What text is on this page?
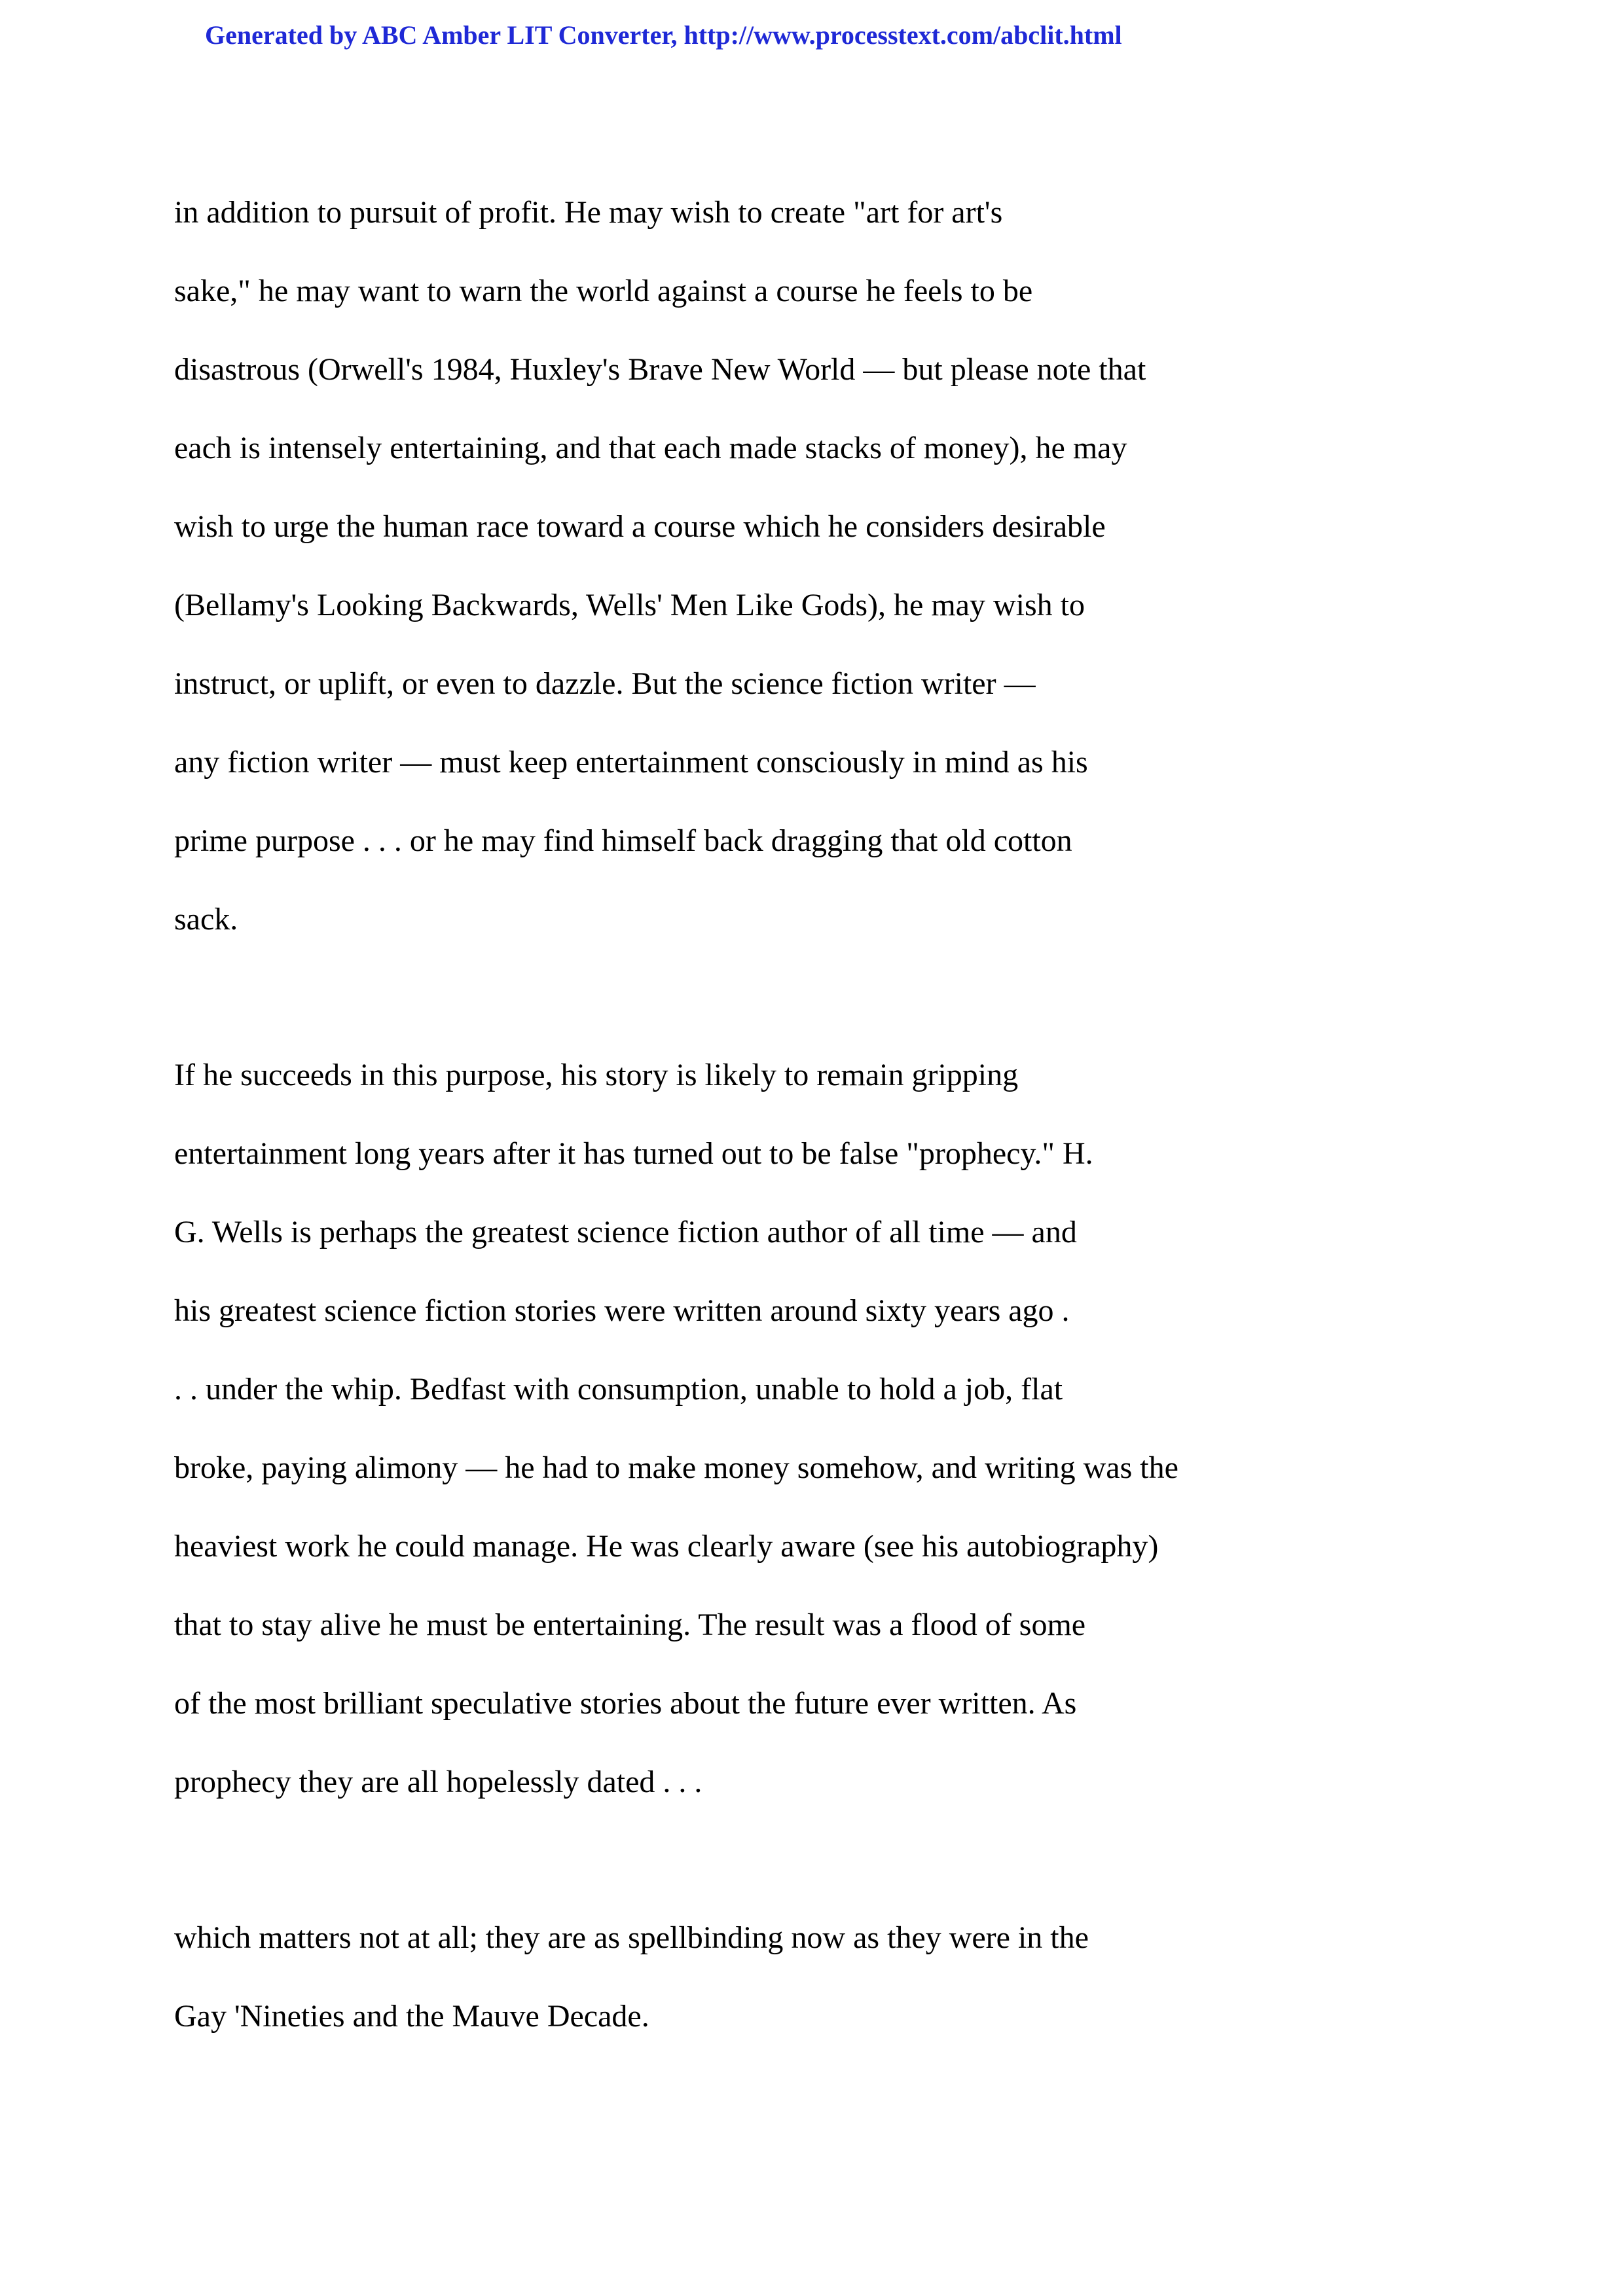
Generated by ABC Amber LIT Converter, http://www.processtext.com/abclit.html
in addition to pursuit of profit. He may wish to create "art for art's
sake," he may want to warn the world against a course he feels to be
disastrous (Orwell's 1984, Huxley's Brave New World — but please note that
each is intensely entertaining, and that each made stacks of money), he may
wish to urge the human race toward a course which he considers desirable
(Bellamy's Looking Backwards, Wells' Men Like Gods), he may wish to
instruct, or uplift, or even to dazzle. But the science fiction writer —
any fiction writer — must keep entertainment consciously in mind as his
prime purpose . . . or he may find himself back dragging that old cotton
sack.
If he succeeds in this purpose, his story is likely to remain gripping
entertainment long years after it has turned out to be false "prophecy." H.
G. Wells is perhaps the greatest science fiction author of all time — and
his greatest science fiction stories were written around sixty years ago .
. . under the whip. Bedfast with consumption, unable to hold a job, flat
broke, paying alimony — he had to make money somehow, and writing was the
heaviest work he could manage. He was clearly aware (see his autobiography)
that to stay alive he must be entertaining. The result was a flood of some
of the most brilliant speculative stories about the future ever written. As
prophecy they are all hopelessly dated . . .
which matters not at all; they are as spellbinding now as they were in the
Gay 'Nineties and the Mauve Decade.
